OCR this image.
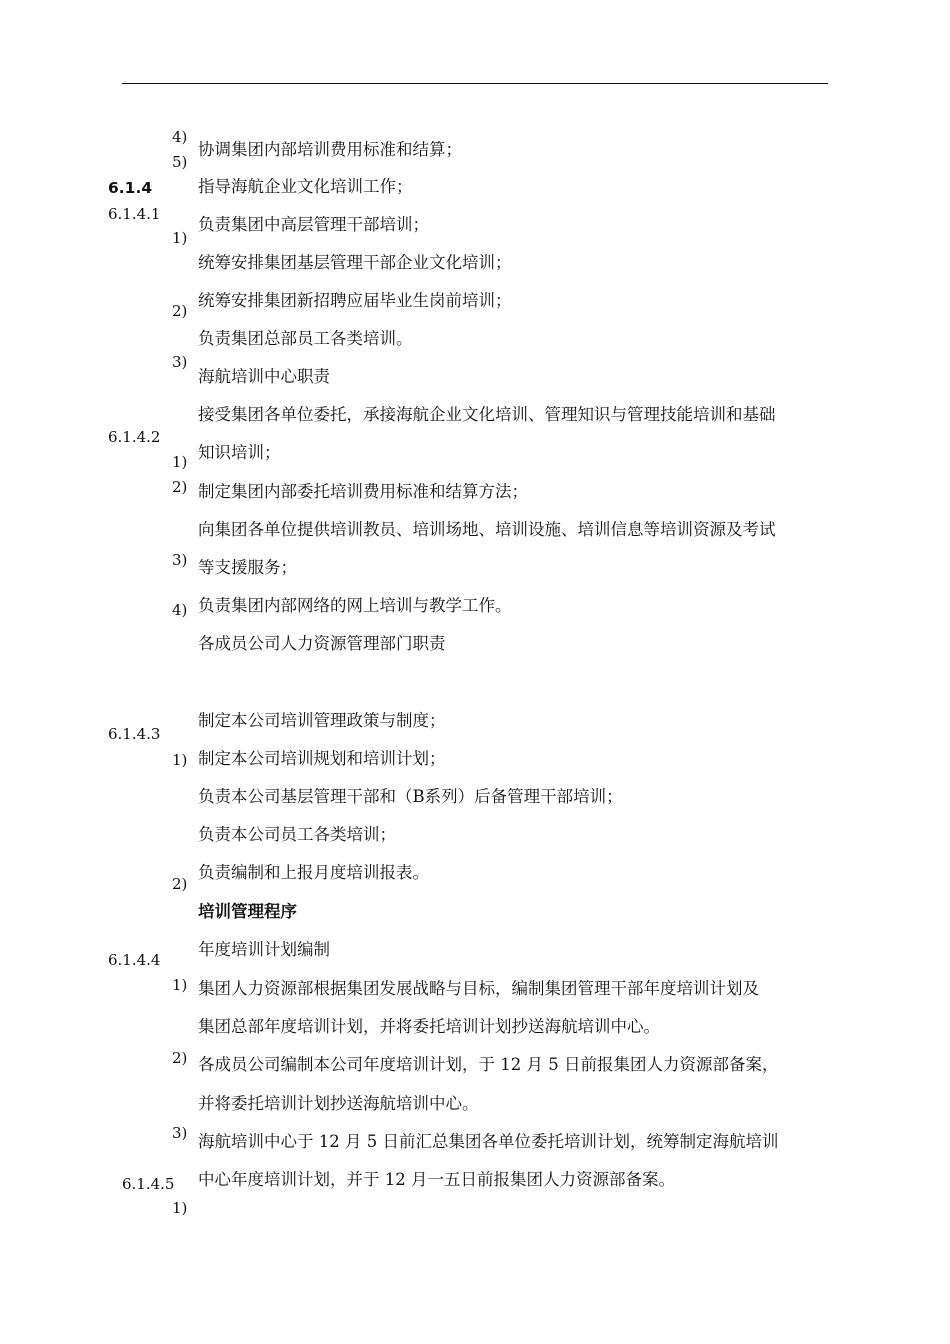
6.1.4
6.1.4.1
6.1.4.2
6.1.4.3
6.1.4.4
6.1.4.5
4)
5)
1)
2)
3)
1)
2)
3)
4)
1)
2)
1)
2)
3)
1)
协调集团内部培训费用标准和结算；
指导海航企业文化培训工作；
负责集团中高层管理干部培训；
统筹安排集团基层管理干部企业文化培训；
统筹安排集团新招聘应届毕业生岗前培训；
负责集团总部员工各类培训。
海航培训中心职责
接受集团各单位委托，承接海航企业文化培训、管理知识与管理技能培训和基础
知识培训；
制定集团内部委托培训费用标准和结算方法；
向集团各单位提供培训教员、培训场地、培训设施、培训信息等培训资源及考试
等支援服务；
负责集团内部网络的网上培训与教学工作。
各成员公司人力资源管理部门职责
制定本公司培训管理政策与制度；
制定本公司培训规划和培训计划；
负责本公司基层管理干部和（B系列）后备管理干部培训；
负责本公司员工各类培训；
负责编制和上报月度培训报表。
培训管理程序
年度培训计划编制
集团人力资源部根据集团发展战略与目标，编制集团管理干部年度培训计划及
集团总部年度培训计划，并将委托培训计划抄送海航培训中心。
各成员公司编制本公司年度培训计划，于 12 月 5 日前报集团人力资源部备案，
并将委托培训计划抄送海航培训中心。
海航培训中心于 12 月 5 日前汇总集团各单位委托培训计划，统筹制定海航培训
中心年度培训计划，并于 12 月一五日前报集团人力资源部备案。
